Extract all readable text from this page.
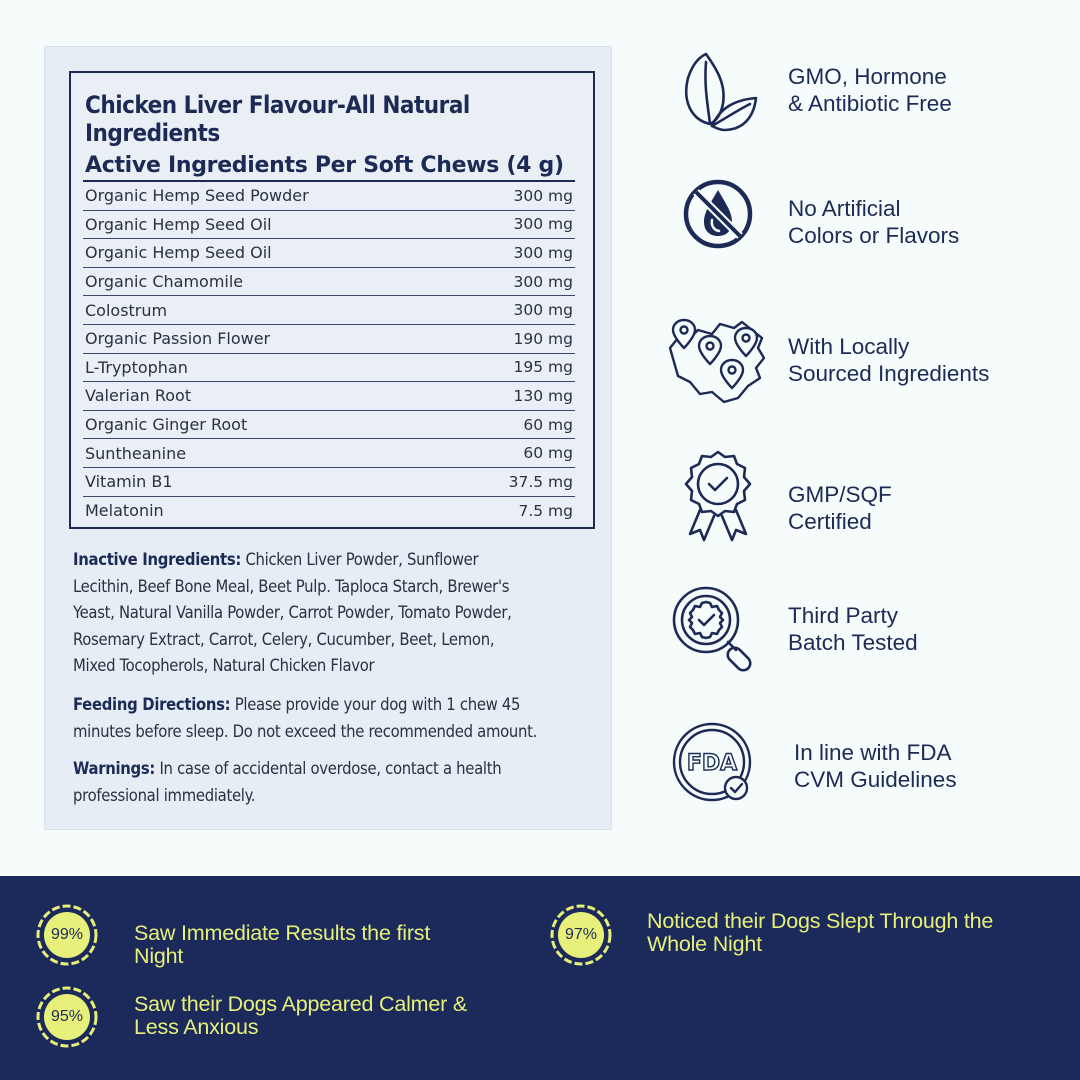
Chicken Liver Flavour-All Natural Ingredients
Active Ingredients Per Soft Chews (4 g)
Organic Hemp Seed Powder	300 mg
Organic Hemp Seed Oil	300 mg
Organic Hemp Seed Oil	300 mg
Organic Chamomile	300 mg
Colostrum	300 mg
Organic Passion Flower	190 mg
L-Tryptophan	195 mg
Valerian Root	130 mg
Organic Ginger Root	60 mg
Suntheanine	60 mg
Vitamin B1	37.5 mg
Melatonin	7.5 mg
Inactive Ingredients: Chicken Liver Powder, Sunflower
Lecithin, Beef Bone Meal, Beet Pulp. Taploca Starch, Brewer's
Yeast, Natural Vanilla Powder, Carrot Powder, Tomato Powder,
Rosemary Extract, Carrot, Celery, Cucumber, Beet, Lemon,
Mixed Tocopherols, Natural Chicken Flavor
Feeding Directions: Please provide your dog with 1 chew 45
minutes before sleep. Do not exceed the recommended amount.
Warnings: In case of accidental overdose, contact a health
professional immediately.
GMO, Hormone
& Antibiotic Free
No Artificial
Colors or Flavors
With Locally
Sourced Ingredients
GMP/SQF
Certified
Third Party
Batch Tested
FDA	In line with FDA
CVM Guidelines
99%	Saw Immediate Results the first
Night
97%
Noticed their Dogs Slept Through the
Whole Night
95%
Saw their Dogs Appeared Calmer &
Less Anxious
